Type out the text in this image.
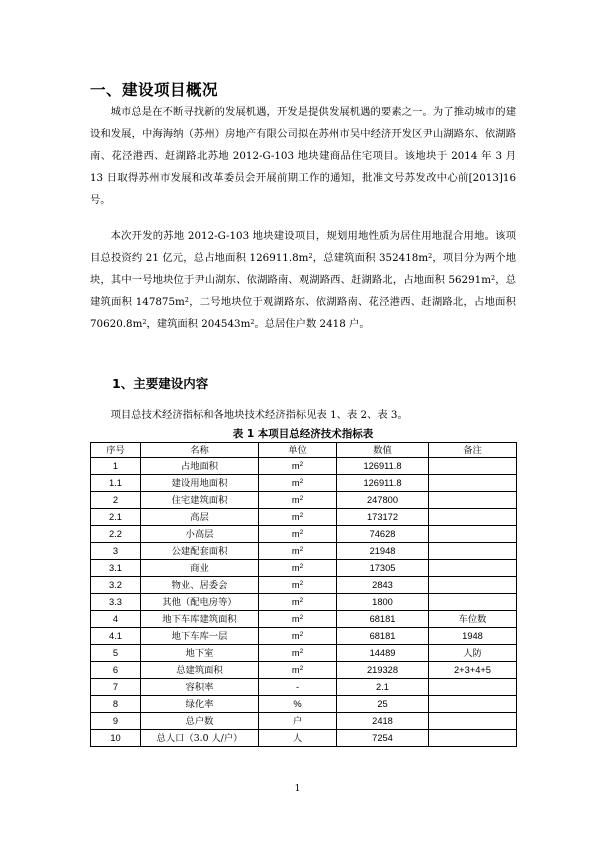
一、建设项目概况

城市总是在不断寻找新的发展机遇，开发是提供发展机遇的要素之一。为了推动城市的建设和发展，中海海纳（苏州）房地产有限公司拟在苏州市吴中经济开发区尹山湖路东、依湖路南、花泾港西、赶湖路北苏地 2012-G-103 地块建商品住宅项目。该地块于 2014 年 3 月 13 日取得苏州市发展和改革委员会开展前期工作的通知，批准文号苏发改中心前[2013]16 号。

本次开发的苏地 2012-G-103 地块建设项目，规划用地性质为居住用地混合用地。该项目总投资约 21 亿元，总占地面积 $126911.8m^2$，总建筑面积 $352418m^2$，项目分为两个地块，其中一号地块位于尹山湖东、依湖路南、观湖路西、赶湖路北，占地面积 $56291m^2$，总建筑面积 $147875m^2$，二号地块位于观湖路东、依湖路南、花泾港西、赶湖路北，占地面积 $70620.8m^2$，建筑面积 $204543m^2$。总居住户数 2418 户。

1、主要建设内容

项目总技术经济指标和各地块技术经济指标见表 1、表 2、表 3。

表 1 本项目总经济技术指标表

序号	名称	单位	数值	备注
1	占地面积	$m^2$	126911.8	
1.1	建设用地面积	$m^2$	126911.8	
2	住宅建筑面积	$m^2$	247800	
2.1	高层	$m^2$	173172	
2.2	小高层	$m^2$	74628	
3	公建配套面积	$m^2$	21948	
3.1	商业	$m^2$	17305	
3.2	物业、居委会	$m^2$	2843	
3.3	其他（配电房等）	$m^2$	1800	
4	地下车库建筑面积	$m^2$	68181	车位数
4.1	地下车库一层	$m^2$	68181	1948
5	地下室	$m^2$	14489	人防
6	总建筑面积	$m^2$	219328	2+3+4+5
7	容积率	-	2.1	
8	绿化率	%	25	
9	总户数	户	2418	
10	总人口（3.0 人/户）	人	7254	

1
